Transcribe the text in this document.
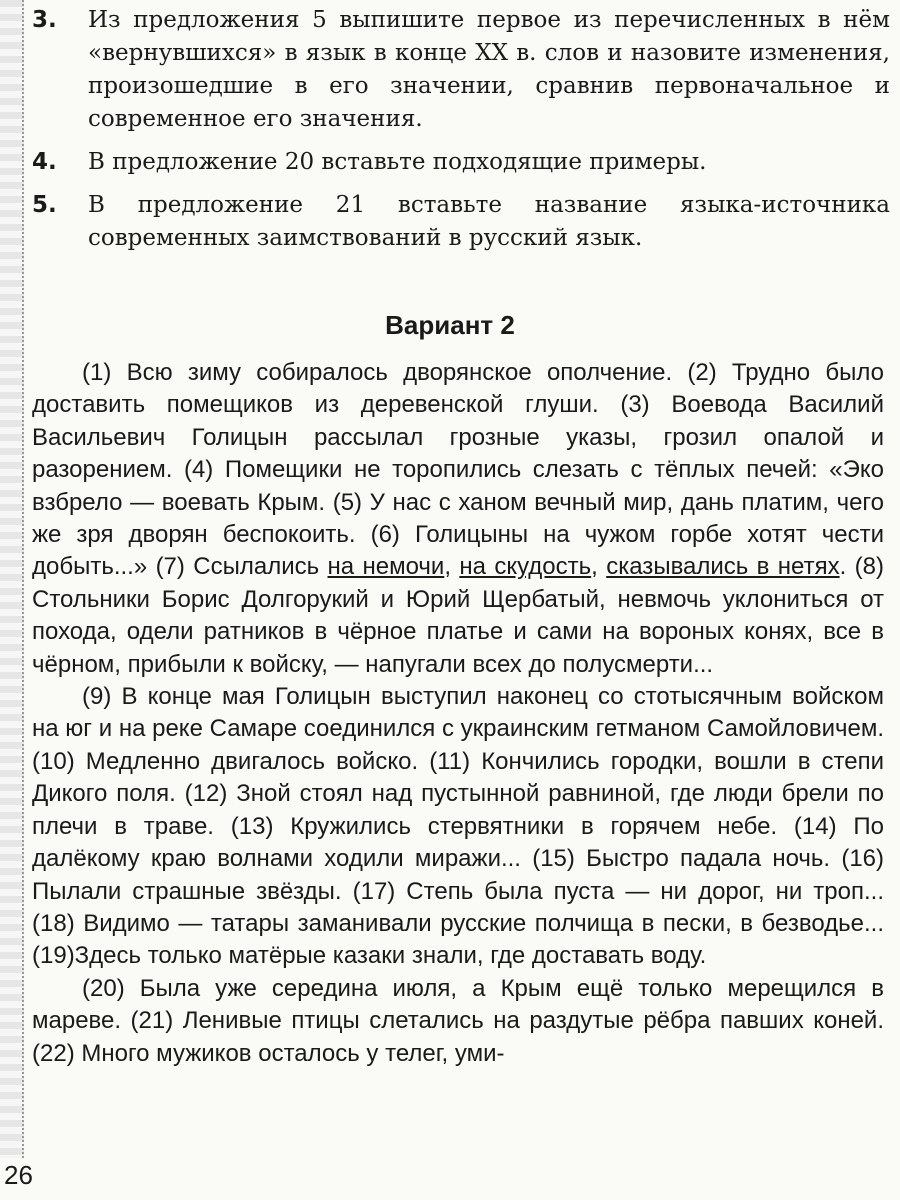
3.	Из предложения 5 выпишите первое из перечисленных в нём «вернувшихся» в язык в конце XX в. слов и назовите изменения, произошедшие в его значении, сравнив первоначальное и современное его значения.
4.	В предложение 20 вставьте подходящие примеры.
5.	В предложение 21 вставьте название языка-источника современных заимствований в русский язык.
Вариант 2

(1) Всю зиму собиралось дворянское ополчение. (2) Трудно было доставить помещиков из деревенской глуши. (3) Воевода Василий Васильевич Голицын рассылал грозные указы, грозил опалой и разорением. (4) Помещики не торопились слезать с тёплых печей: «Эко взбрело — воевать Крым. (5) У нас с ханом вечный мир, дань платим, чего же зря дворян беспокоить. (6) Голицыны на чужом горбе хотят чести добыть...» (7) Ссылались на немочи, на скудость, сказывались в нетях. (8) Стольники Борис Долгорукий и Юрий Щербатый, невмочь уклониться от похода, одели ратников в чёрное платье и сами на вороных конях, все в чёрном, прибыли к войску, — напугали всех до полусмерти...

(9) В конце мая Голицын выступил наконец со стотысячным войском на юг и на реке Самаре соединился с украинским гетманом Самойловичем. (10) Медленно двигалось войско. (11) Кончились городки, вошли в степи Дикого поля. (12) Зной стоял над пустынной равниной, где люди брели по плечи в траве. (13) Кружились стервятники в горячем небе. (14) По далёкому краю волнами ходили миражи... (15) Быстро падала ночь. (16) Пылали страшные звёзды. (17) Степь была пуста — ни дорог, ни троп... (18) Видимо — татары заманивали русские полчища в пески, в безводье... (19)Здесь только матёрые казаки знали, где доставать воду.

(20) Была уже середина июля, а Крым ещё только мерещился в мареве. (21) Ленивые птицы слетались на раздутые рёбра павших коней. (22) Много мужиков осталось у телег, уми-

26
